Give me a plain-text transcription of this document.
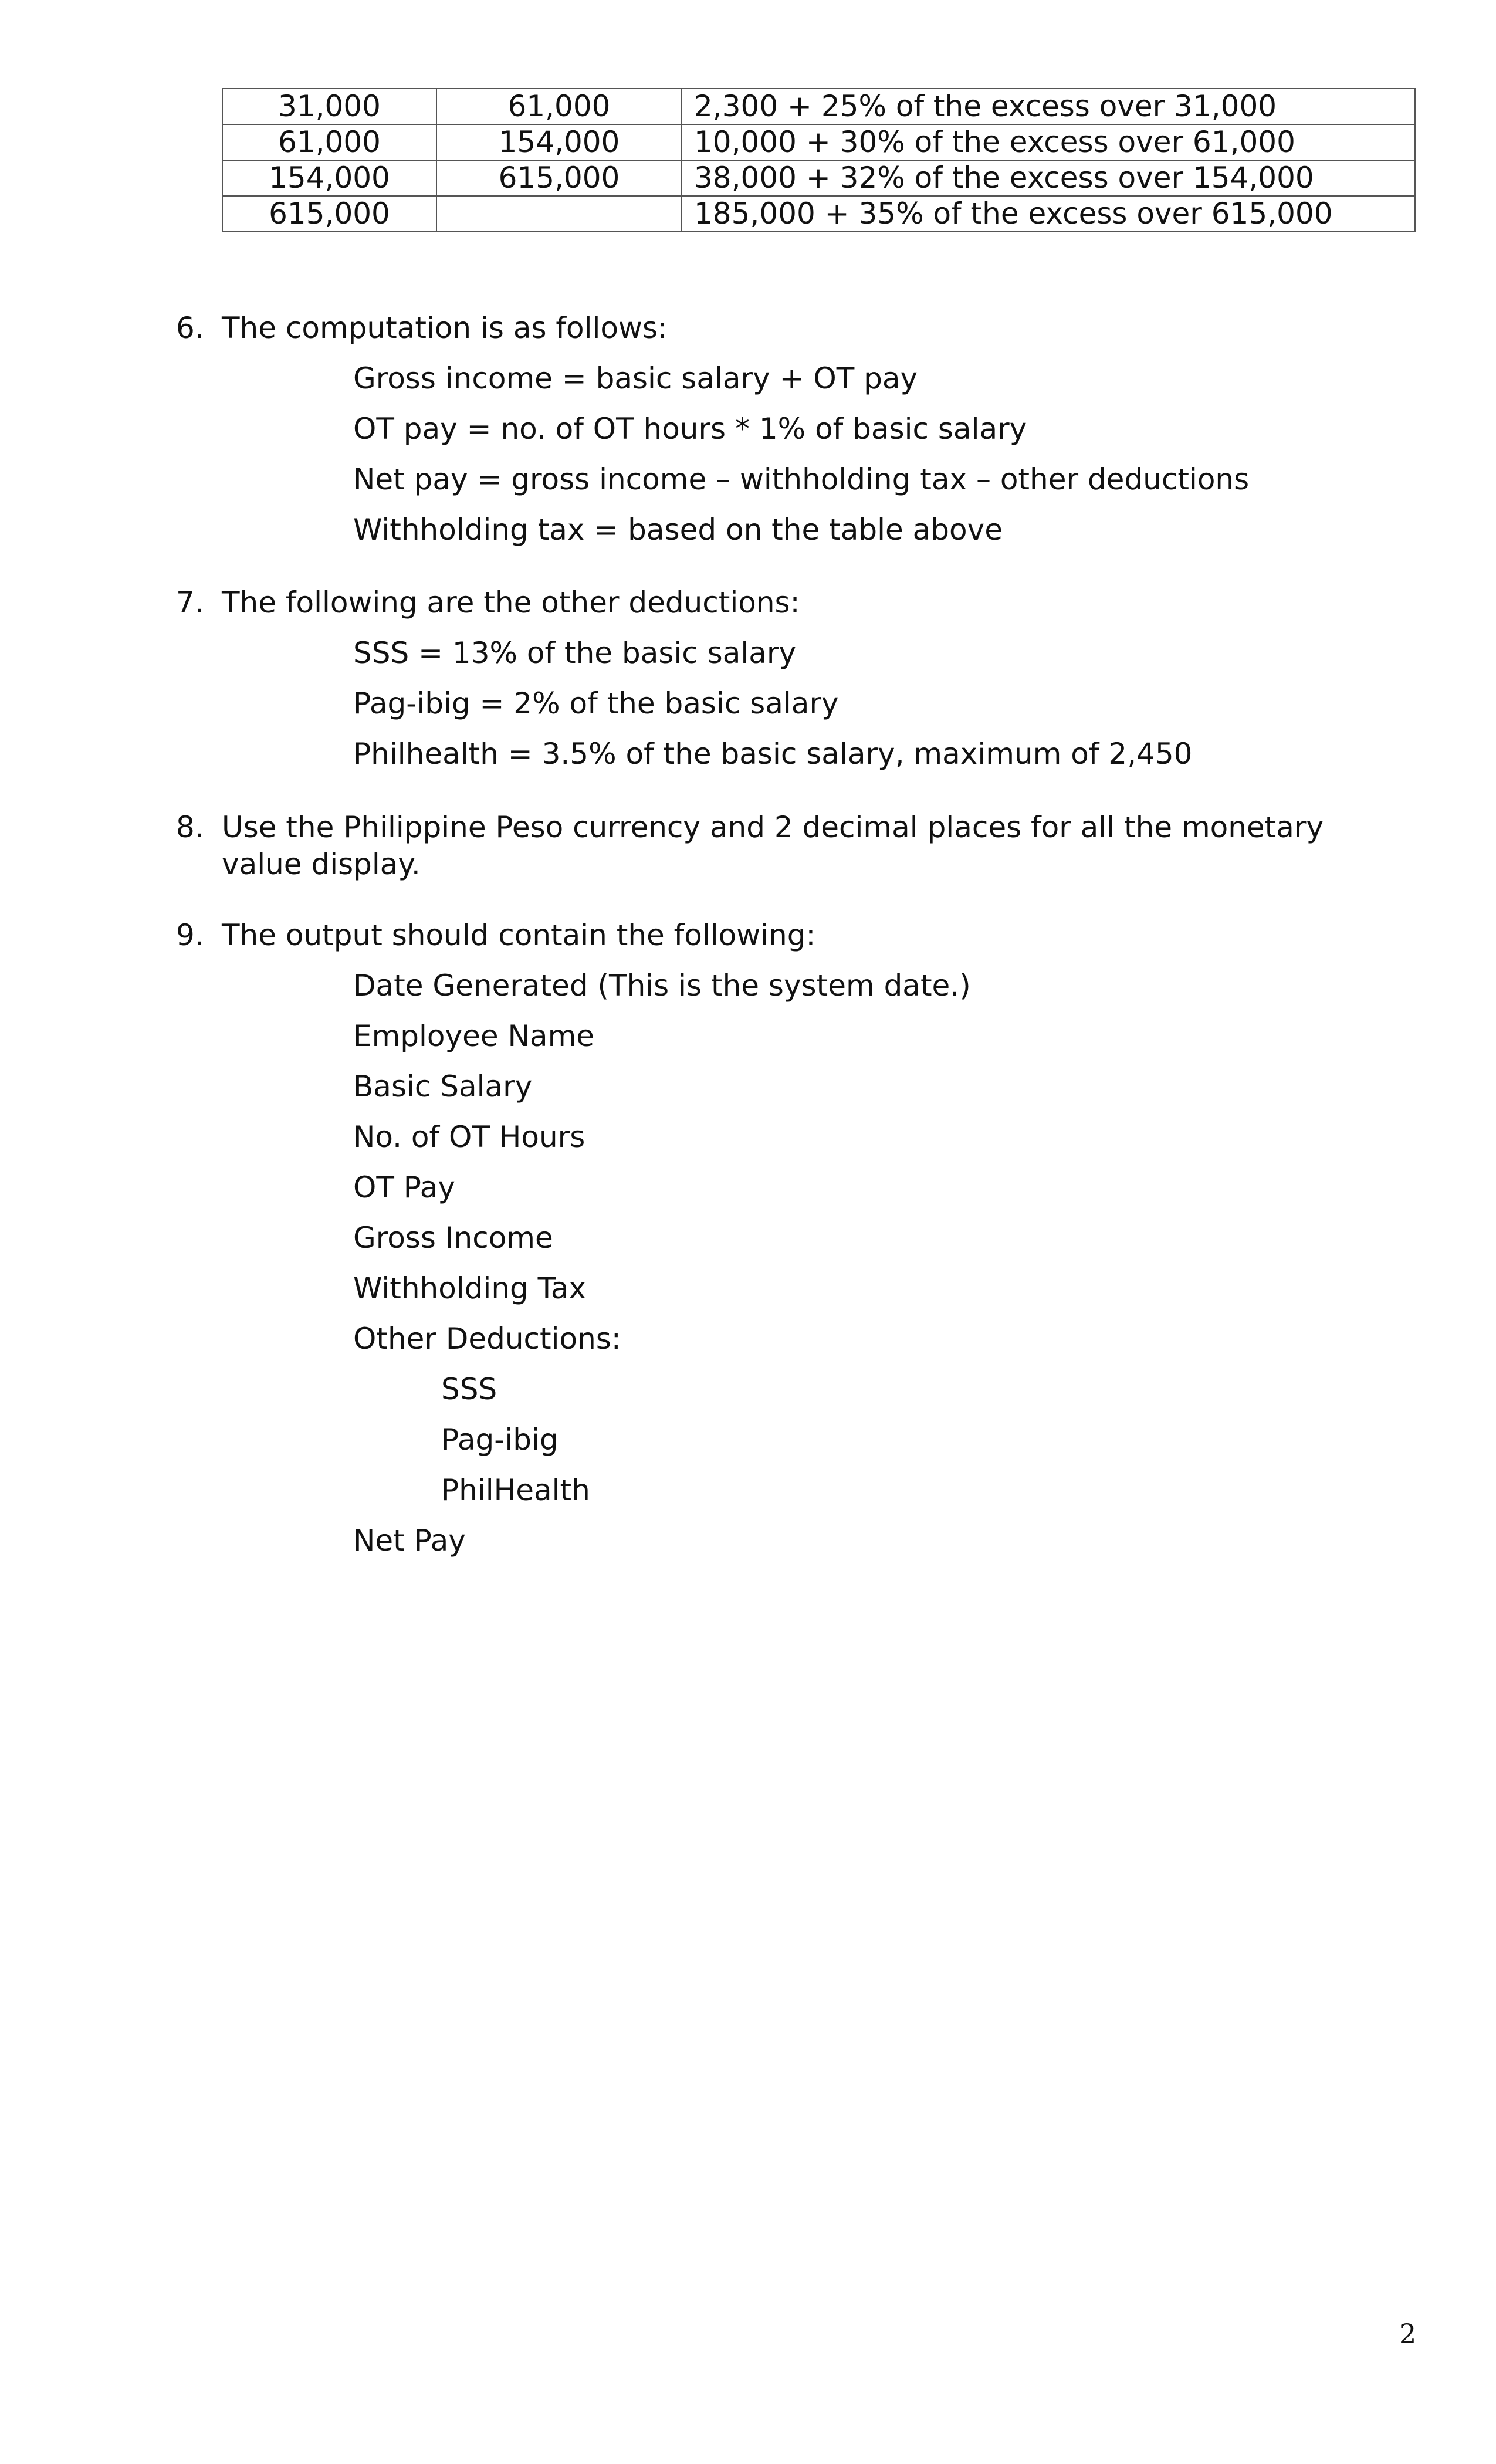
31,000	61,000	2,300 + 25% of the excess over 31,000
61,000	154,000	10,000 + 30% of the excess over 61,000
154,000	615,000	38,000 + 32% of the excess over 154,000
615,000		185,000 + 35% of the excess over 615,000
6. The computation is as follows:
Gross income = basic salary + OT pay
OT pay = no. of OT hours * 1% of basic salary
Net pay = gross income – withholding tax – other deductions
Withholding tax = based on the table above
7. The following are the other deductions:
SSS = 13% of the basic salary
Pag-ibig = 2% of the basic salary
Philhealth = 3.5% of the basic salary, maximum of 2,450
8. Use the Philippine Peso currency and 2 decimal places for all the monetary value display.
9. The output should contain the following:
Date Generated (This is the system date.)
Employee Name
Basic Salary
No. of OT Hours
OT Pay
Gross Income
Withholding Tax
Other Deductions:
SSS
Pag-ibig
PhilHealth
Net Pay
2
